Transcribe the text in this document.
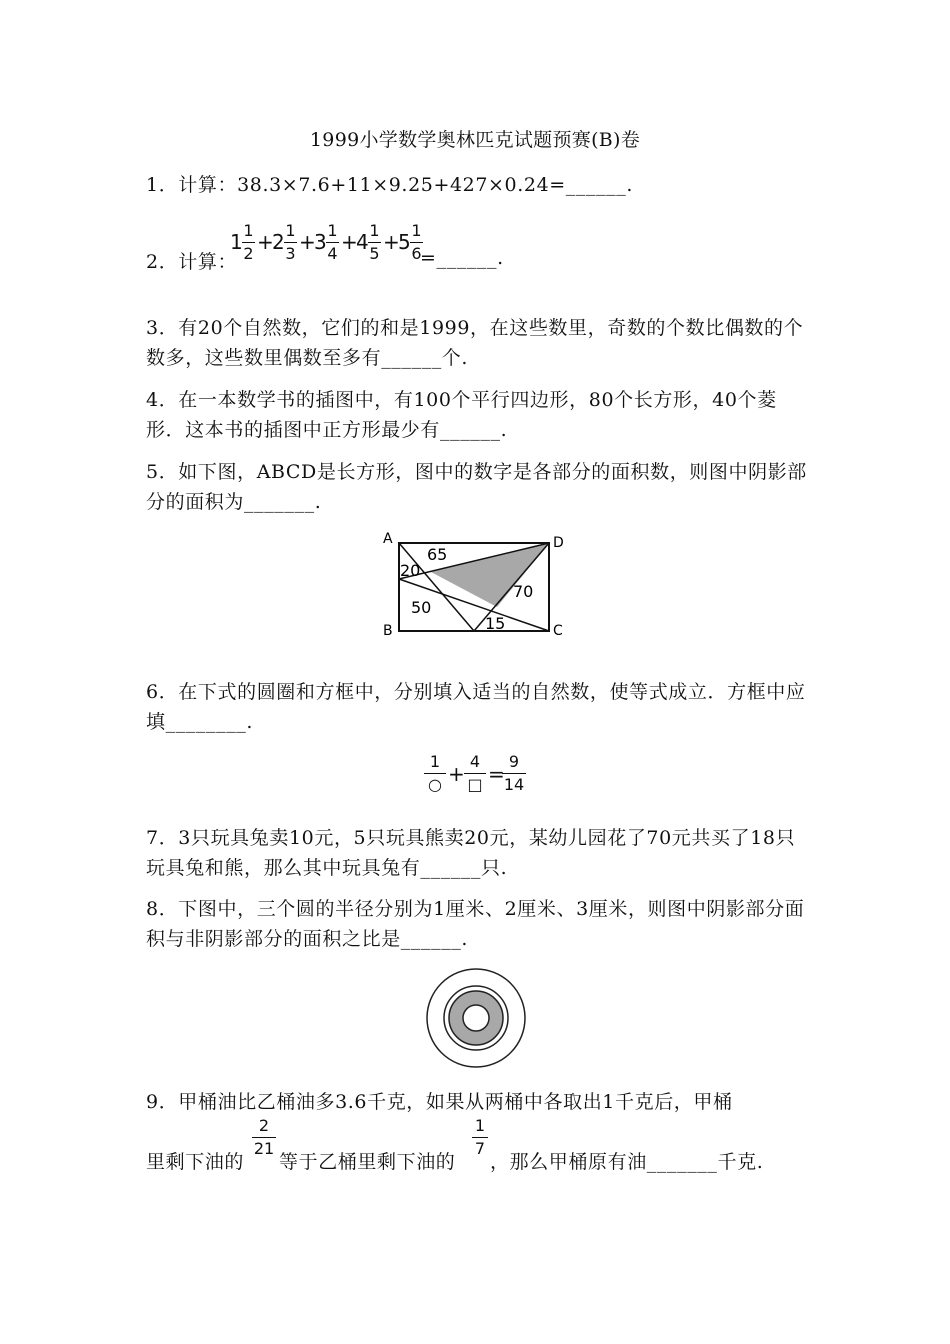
1999小学数学奥林匹克试题预赛(B)卷
1．计算：38.3×7.6+11×9.25+427×0.24=______.
2．计算：
1 1
2 +
2 1
3 +
3 1
4 +
4 1
5 +
5 1
6
=______.
3．有20个自然数，它们的和是1999，在这些数里，奇数的个数比偶数的个数多，这些数里偶数至多有______个.
4．在一本数学书的插图中，有100个平行四边形，80个长方形，40个菱形．这本书的插图中正方形最少有______.
5．如下图，ABCD是长方形，图中的数字是各部分的面积数，则图中阴影部分的面积为_______.
A
B	C
D
65
20
50
70
15
6．在下式的圆圈和方框中，分别填入适当的自然数，使等式成立．方框中应填________.
1
○ +
4
□ =
9
14
7．3只玩具兔卖10元，5只玩具熊卖20元，某幼儿园花了70元共买了18只玩具兔和熊，那么其中玩具兔有______只.
8．下图中，三个圆的半径分别为1厘米、2厘米、3厘米，则图中阴影部分面积与非阴影部分的面积之比是______.
9．甲桶油比乙桶油多3.6千克，如果从两桶中各取出1千克后，甲桶
里剩下油的
2
21
等于乙桶里剩下油的
1
7
，那么甲桶原有油_______千克.
